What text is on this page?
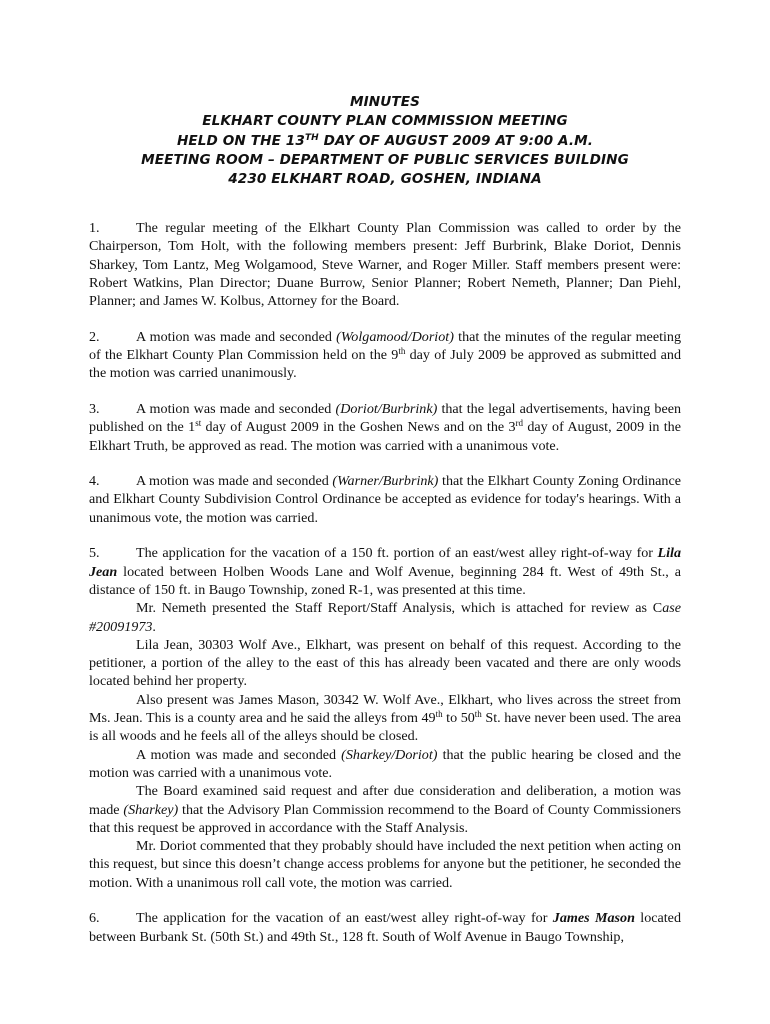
MINUTES
ELKHART COUNTY PLAN COMMISSION MEETING
HELD ON THE 13TH DAY OF AUGUST 2009 AT 9:00 A.M.
MEETING ROOM – DEPARTMENT OF PUBLIC SERVICES BUILDING
4230 ELKHART ROAD, GOSHEN, INDIANA

1.	The regular meeting of the Elkhart County Plan Commission was called to order by the Chairperson, Tom Holt, with the following members present: Jeff Burbrink, Blake Doriot, Dennis Sharkey, Tom Lantz, Meg Wolgamood, Steve Warner, and Roger Miller. Staff members present were: Robert Watkins, Plan Director; Duane Burrow, Senior Planner; Robert Nemeth, Planner; Dan Piehl, Planner; and James W. Kolbus, Attorney for the Board.

2.	A motion was made and seconded (Wolgamood/Doriot) that the minutes of the regular meeting of the Elkhart County Plan Commission held on the 9th day of July 2009 be approved as submitted and the motion was carried unanimously.

3.	A motion was made and seconded (Doriot/Burbrink) that the legal advertisements, having been published on the 1st day of August 2009 in the Goshen News and on the 3rd day of August, 2009 in the Elkhart Truth, be approved as read. The motion was carried with a unanimous vote.

4.	A motion was made and seconded (Warner/Burbrink) that the Elkhart County Zoning Ordinance and Elkhart County Subdivision Control Ordinance be accepted as evidence for today's hearings. With a unanimous vote, the motion was carried.

5.	The application for the vacation of a 150 ft. portion of an east/west alley right-of-way for Lila Jean located between Holben Woods Lane and Wolf Avenue, beginning 284 ft. West of 49th St., a distance of 150 ft. in Baugo Township, zoned R-1, was presented at this time.

Mr. Nemeth presented the Staff Report/Staff Analysis, which is attached for review as Case #20091973.

Lila Jean, 30303 Wolf Ave., Elkhart, was present on behalf of this request. According to the petitioner, a portion of the alley to the east of this has already been vacated and there are only woods located behind her property.

Also present was James Mason, 30342 W. Wolf Ave., Elkhart, who lives across the street from Ms. Jean. This is a county area and he said the alleys from 49th to 50th St. have never been used. The area is all woods and he feels all of the alleys should be closed.

A motion was made and seconded (Sharkey/Doriot) that the public hearing be closed and the motion was carried with a unanimous vote.

The Board examined said request and after due consideration and deliberation, a motion was made (Sharkey) that the Advisory Plan Commission recommend to the Board of County Commissioners that this request be approved in accordance with the Staff Analysis.

Mr. Doriot commented that they probably should have included the next petition when acting on this request, but since this doesn’t change access problems for anyone but the petitioner, he seconded the motion. With a unanimous roll call vote, the motion was carried.

6.	The application for the vacation of an east/west alley right-of-way for James Mason located between Burbank St. (50th St.) and 49th St., 128 ft. South of Wolf Avenue in Baugo Township,
